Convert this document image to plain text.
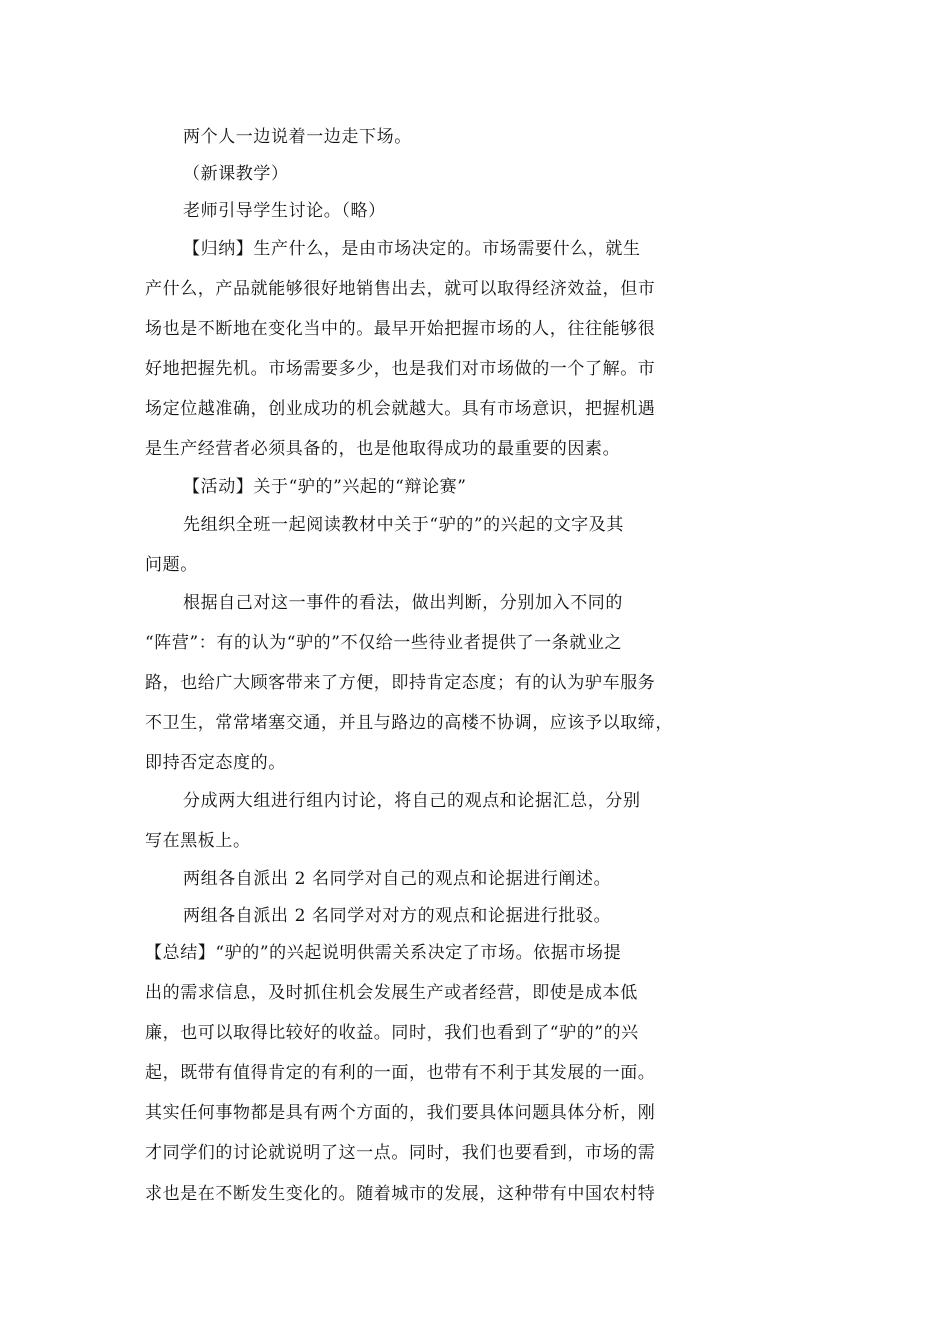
两个人一边说着一边走下场。
（新课教学）
老师引导学生讨论。（略）
【归纳】生产什么，是由市场决定的。市场需要什么，就生
产什么，产品就能够很好地销售出去，就可以取得经济效益，但市
场也是不断地在变化当中的。最早开始把握市场的人，往往能够很
好地把握先机。市场需要多少，也是我们对市场做的一个了解。市
场定位越准确，创业成功的机会就越大。具有市场意识，把握机遇
是生产经营者必须具备的，也是他取得成功的最重要的因素。
【活动】关于“驴的”兴起的“辩论赛”
先组织全班一起阅读教材中关于“驴的”的兴起的文字及其
问题。
根据自己对这一事件的看法，做出判断，分别加入不同的
“阵营”：有的认为“驴的”不仅给一些待业者提供了一条就业之
路，也给广大顾客带来了方便，即持肯定态度；有的认为驴车服务
不卫生，常常堵塞交通，并且与路边的高楼不协调，应该予以取缔，
即持否定态度的。
分成两大组进行组内讨论，将自己的观点和论据汇总，分别
写在黑板上。
两组各自派出 2 名同学对自己的观点和论据进行阐述。
两组各自派出 2 名同学对对方的观点和论据进行批驳。
【总结】“驴的”的兴起说明供需关系决定了市场。依据市场提
出的需求信息，及时抓住机会发展生产或者经营，即使是成本低
廉，也可以取得比较好的收益。同时，我们也看到了“驴的”的兴
起，既带有值得肯定的有利的一面，也带有不利于其发展的一面。
其实任何事物都是具有两个方面的，我们要具体问题具体分析，刚
才同学们的讨论就说明了这一点。同时，我们也要看到，市场的需
求也是在不断发生变化的。随着城市的发展，这种带有中国农村特
